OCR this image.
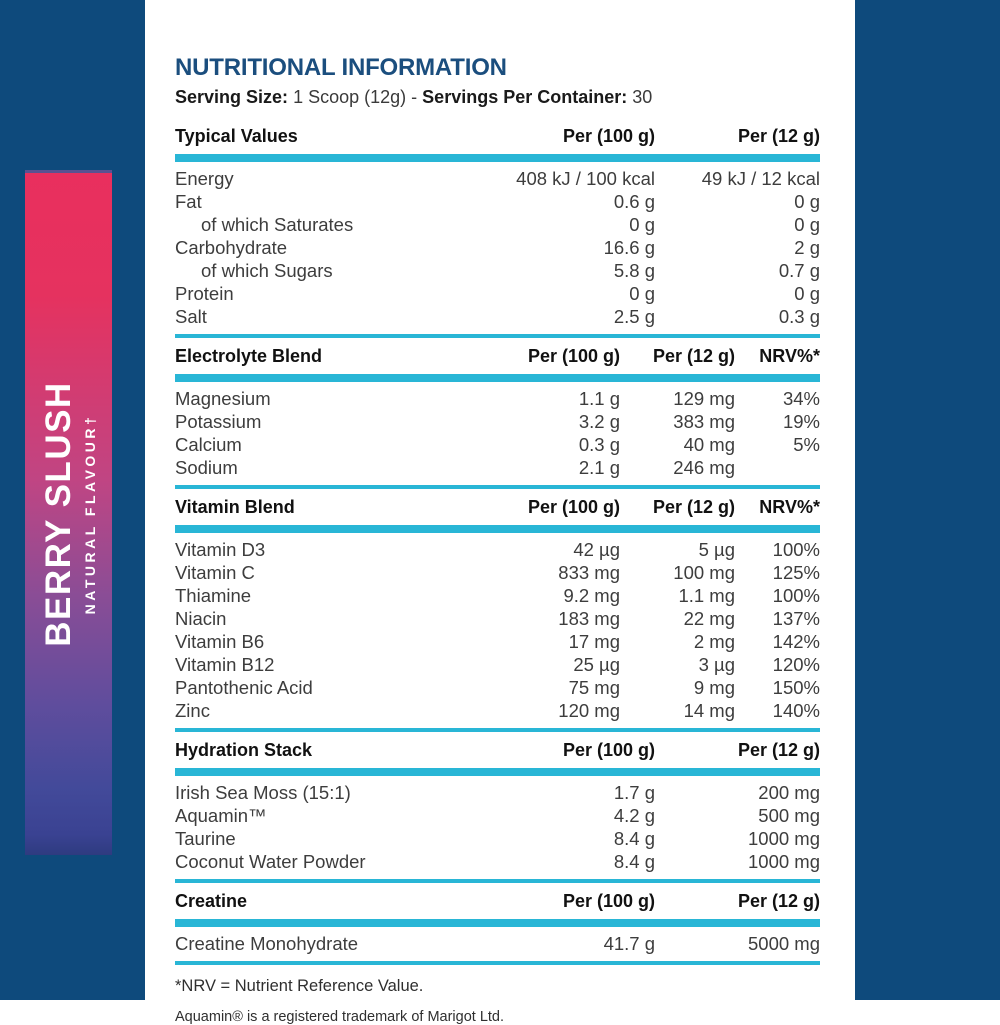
BERRY SLUSH NATURAL FLAVOUR†
NUTRITIONAL INFORMATION
Serving Size: 1 Scoop (12g) - Servings Per Container: 30
Typical Values	Per (100 g)	Per (12 g)
Energy	408 kJ / 100 kcal	49 kJ / 12 kcal
Fat	0.6 g	0 g
of which Saturates	0 g	0 g
Carbohydrate	16.6 g	2 g
of which Sugars	5.8 g	0.7 g
Protein	0 g	0 g
Salt	2.5 g	0.3 g
Electrolyte Blend	Per (100 g)	Per (12 g)	NRV%*
Magnesium	1.1 g	129 mg	34%
Potassium	3.2 g	383 mg	19%
Calcium	0.3 g	40 mg	5%
Sodium	2.1 g	246 mg
Vitamin Blend	Per (100 g)	Per (12 g)	NRV%*
Vitamin D3	42 µg	5 µg	100%
Vitamin C	833 mg	100 mg	125%
Thiamine	9.2 mg	1.1 mg	100%
Niacin	183 mg	22 mg	137%
Vitamin B6	17 mg	2 mg	142%
Vitamin B12	25 µg	3 µg	120%
Pantothenic Acid	75 mg	9 mg	150%
Zinc	120 mg	14 mg	140%
Hydration Stack	Per (100 g)	Per (12 g)
Irish Sea Moss (15:1)	1.7 g	200 mg
Aquamin™	4.2 g	500 mg
Taurine	8.4 g	1000 mg
Coconut Water Powder	8.4 g	1000 mg
Creatine	Per (100 g)	Per (12 g)
Creatine Monohydrate	41.7 g	5000 mg
*NRV = Nutrient Reference Value.
Aquamin® is a registered trademark of Marigot Ltd.
